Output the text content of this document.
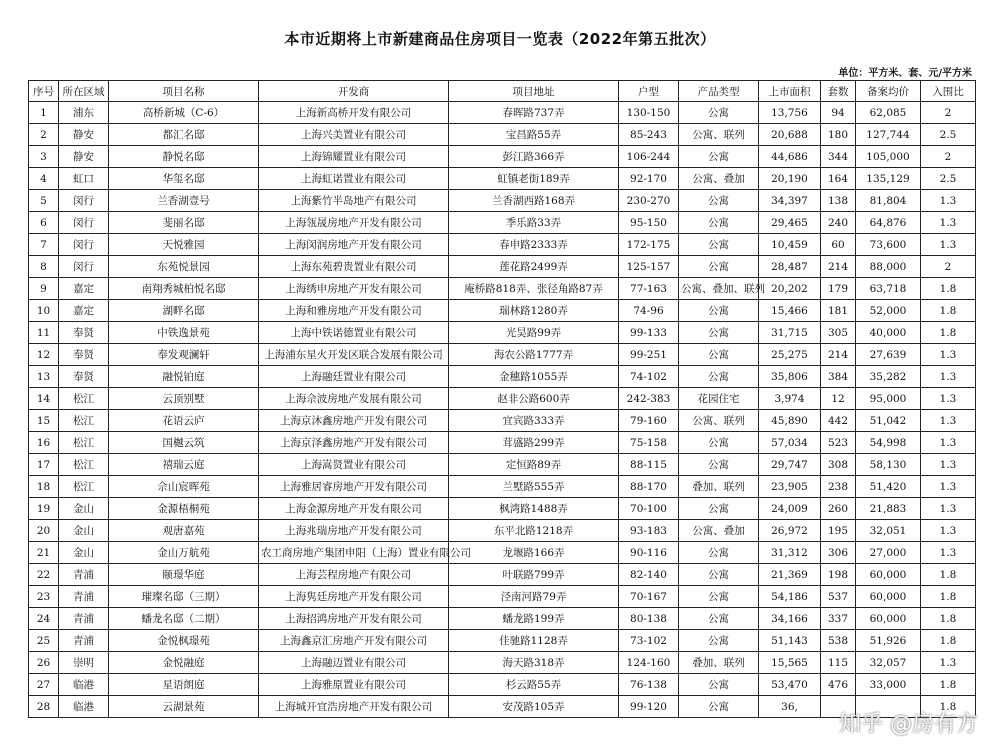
本市近期将上市新建商品住房项目一览表（2022年第五批次）
单位：平方米、套、元/平方米
序号	所在区域	项目名称	开发商	项目地址	户型	产品类型	上市面积	套数	备案均价	入围比
1	浦东	高桥新城（C-6）	上海新高桥开发有限公司	春晖路737弄	130-150	公寓	13,756	94	62,085	2
2	静安	都汇名邸	上海兴美置业有限公司	宝昌路55弄	85-243	公寓、联列	20,688	180	127,744	2.5
3	静安	静悦名邸	上海锦耀置业有限公司	彭江路366弄	106-244	公寓	44,686	344	105,000	2
4	虹口	华玺名邸	上海虹诺置业有限公司	虹镇老街189弄	92-170	公寓、叠加	20,190	164	135,129	2.5
5	闵行	兰香湖壹号	上海紫竹半岛地产有限公司	兰香湖西路168弄	230-270	公寓	34,397	138	81,804	1.3
6	闵行	斐丽名邸	上海瓴晟房地产开发有限公司	季乐路33弄	95-150	公寓	29,465	240	64,876	1.3
7	闵行	天悦雅园	上海闵润房地产开发有限公司	春申路2333弄	172-175	公寓	10,459	60	73,600	1.3
8	闵行	东苑悦景园	上海东苑碧贵置业有限公司	莲花路2499弄	125-157	公寓	28,487	214	88,000	2
9	嘉定	南翔秀城柏悦名邸	上海绣申房地产开发有限公司	庵桥路818弄、张径角路87弄	77-163	公寓、叠加、联列	20,202	179	63,718	1.8
10	嘉定	湖畔名邸	上海和雅房地产开发有限公司	瑞林路1280弄	74-96	公寓	15,466	181	52,000	1.8
11	奉贤	中铁逸景苑	上海中铁诺德置业有限公司	光昊路99弄	99-133	公寓	31,715	305	40,000	1.8
12	奉贤	奉发观澜轩	上海浦东星火开发区联合发展有限公司	海农公路1777弄	99-251	公寓	25,275	214	27,639	1.3
13	奉贤	融悦铂庭	上海融廷置业有限公司	金穗路1055弄	74-102	公寓	35,806	384	35,282	1.3
14	松江	云顶别墅	上海佘波房地产发展有限公司	赵非公路600弄	242-383	花园住宅	3,974	12	95,000	1.3
15	松江	花语云庐	上海京沐鑫房地产开发有限公司	宜宾路333弄	79-160	公寓、联列	45,890	442	51,042	1.3
16	松江	国樾云筑	上海京泽鑫房地产开发有限公司	茸盛路299弄	75-158	公寓	57,034	523	54,998	1.3
17	松江	禧瑞云庭	上海嵩贤置业有限公司	定恒路89弄	88-115	公寓	29,747	308	58,130	1.3
18	松江	佘山宸晖苑	上海雅居睿房地产开发有限公司	兰墅路555弄	88-170	叠加、联列	23,905	238	51,420	1.3
19	金山	金源梧桐苑	上海金源房地产开发有限公司	枫湾路1488弄	70-100	公寓	24,009	260	21,883	1.3
20	金山	观唐嘉苑	上海兆瑞房地产开发有限公司	东平北路1218弄	93-183	公寓、叠加	26,972	195	32,051	1.3
21	金山	金山万航苑	农工商房地产集团申阳（上海）置业有限公司	龙堰路166弄	90-116	公寓	31,312	306	27,000	1.3
22	青浦	颐璟华庭	上海芸程房地产有限公司	叶联路799弄	82-140	公寓	21,369	198	60,000	1.8
23	青浦	璀璨名邸（三期）	上海隽廷房地产开发有限公司	泾南河路79弄	70-167	公寓	54,186	537	60,000	1.8
24	青浦	蟠龙名邸（二期）	上海招鸿房地产开发有限公司	蟠龙路199弄	80-138	公寓	34,166	337	60,000	1.8
25	青浦	金悦枫璟苑	上海鑫京汇房地产开发有限公司	佳驰路1128弄	73-102	公寓	51,143	538	51,926	1.8
26	崇明	金悦融庭	上海融迈置业有限公司	海天路318弄	124-160	叠加、联列	15,565	115	32,057	1.3
27	临港	星语朗庭	上海雅原置业有限公司	杉云路55弄	76-138	公寓	53,470	476	33,000	1.8
28	临港	云湖景苑	上海城开宜浩房地产开发有限公司	安茂路105弄	99-120	公寓	36,			1.8
知乎 @房有方
